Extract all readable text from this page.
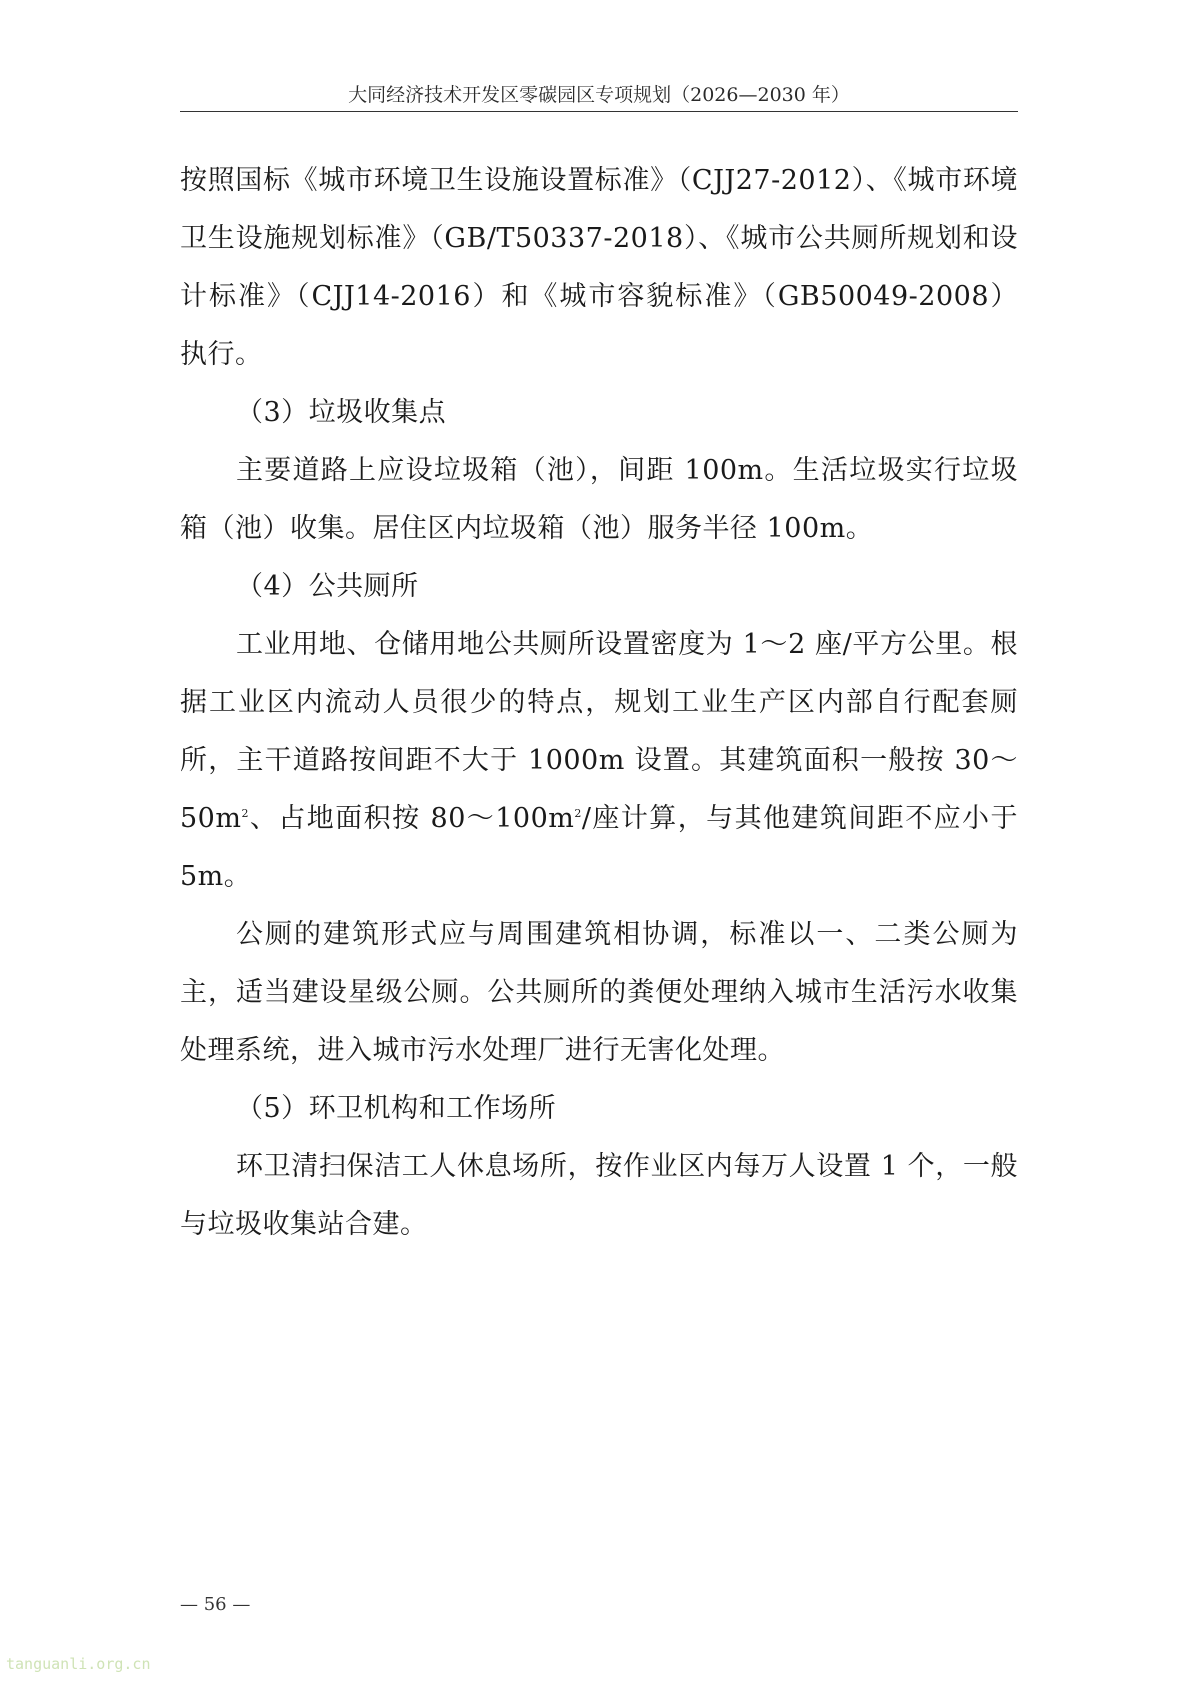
大同经济技术开发区零碳园区专项规划（2026—2030 年）

按照国标《城市环境卫生设施设置标准》（CJJ27-2012）、《城市环境卫生设施规划标准》（GB/T50337-2018）、《城市公共厕所规划和设计标准》（CJJ14-2016）和《城市容貌标准》（GB50049-2008）执行。

（3）垃圾收集点

主要道路上应设垃圾箱（池），间距 100m。生活垃圾实行垃圾箱（池）收集。居住区内垃圾箱（池）服务半径 100m。

（4）公共厕所

工业用地、仓储用地公共厕所设置密度为 1～2 座/平方公里。根据工业区内流动人员很少的特点，规划工业生产区内部自行配套厕所，主干道路按间距不大于 1000m 设置。其建筑面积一般按 $30\sim 50m^2$、占地面积按 $80\sim 100m^2/$座计算，与其他建筑间距不应小于 5m。

公厕的建筑形式应与周围建筑相协调，标准以一、二类公厕为主，适当建设星级公厕。公共厕所的粪便处理纳入城市生活污水收集处理系统，进入城市污水处理厂进行无害化处理。

（5）环卫机构和工作场所

环卫清扫保洁工人休息场所，按作业区内每万人设置 1 个，一般与垃圾收集站合建。

— 56 —
tanguanli.org.cn
